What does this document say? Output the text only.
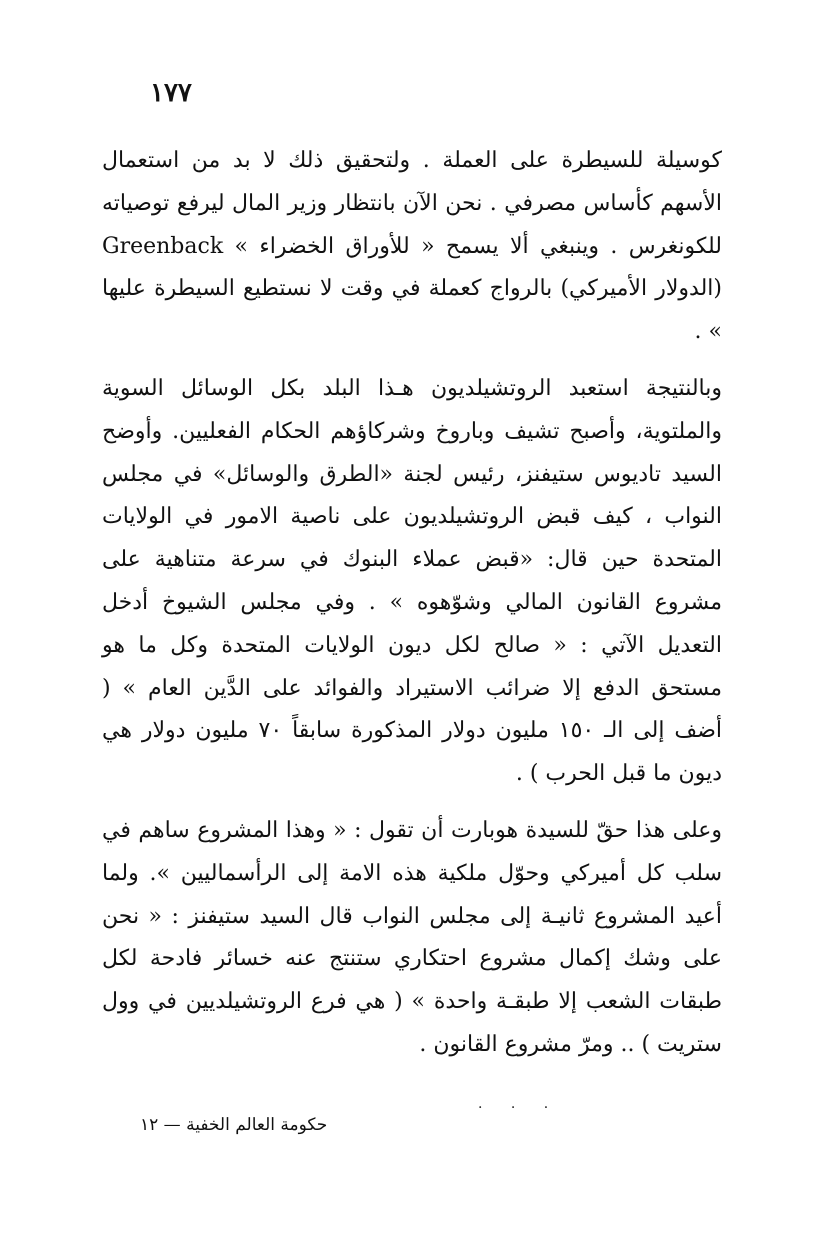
١٧٧

كوسيلة للسيطرة على العملة . ولتحقيق ذلك لا بد من استعمال الأسهم كأساس مصرفي . نحن الآن بانتظار وزير المال ليرفع توصياته للكونغرس . وينبغي ألا يسمح « للأوراق الخضراء » Greenback (الدولار الأميركي) بالرواج كعملة في وقت لا نستطيع السيطرة عليها » .

وبالنتيجة استعبد الروتشيلديون هـذا البلد بكل الوسائل السوية والملتوية، وأصبح تشيف وباروخ وشركاؤهم الحكام الفعليين. وأوضح السيد تاديوس ستيفنز، رئيس لجنة «الطرق والوسائل» في مجلس النواب ، كيف قبض الروتشيلديون على ناصية الامور في الولايات المتحدة حين قال: «قبض عملاء البنوك في سرعة متناهية على مشروع القانون المالي وشوّهوه » . وفي مجلس الشيوخ أدخل التعديل الآتي : « صالح لكل ديون الولايات المتحدة وكل ما هو مستحق الدفع إلا ضرائب الاستيراد والفوائد على الدَّين العام » ( أضف إلى الـ ١٥٠ مليون دولار المذكورة سابقاً ٧٠ مليون دولار هي ديون ما قبل الحرب ) .

وعلى هذا حقّ للسيدة هوبارت أن تقول : « وهذا المشروع ساهم في سلب كل أميركي وحوّل ملكية هذه الامة إلى الرأسماليين ». ولما أعيد المشروع ثانيـة إلى مجلس النواب قال السيد ستيفنز : « نحن على وشك إكمال مشروع احتكاري ستنتج عنه خسائر فادحة لكل طبقات الشعب إلا طبقـة واحدة » ( هي فرع الروتشيلديين في وول ستريت ) .. ومرّ مشروع القانون .

· · ·
حكومة العالم الخفية — ١٢
